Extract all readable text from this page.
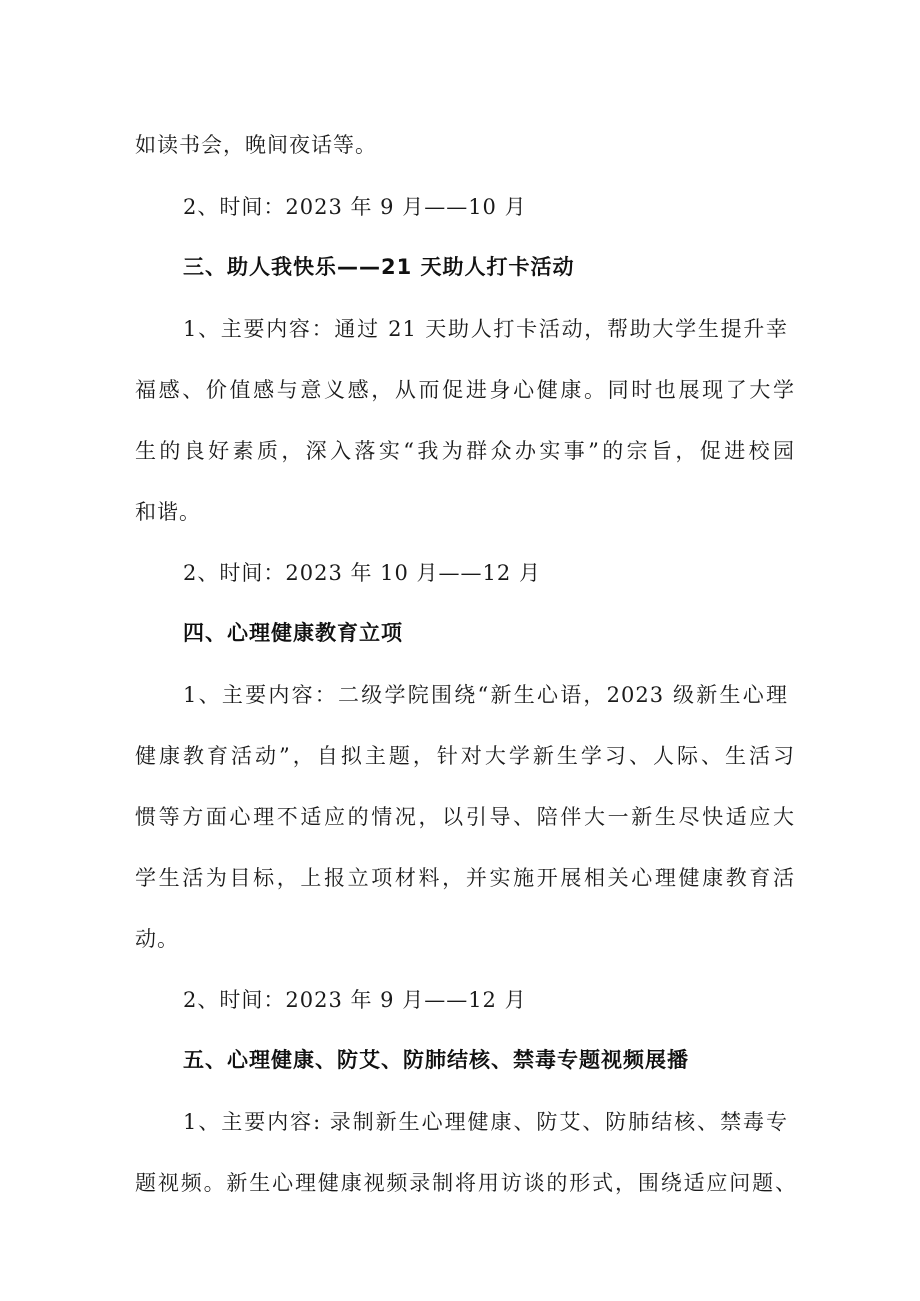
如读书会，晚间夜话等。
2、时间：2023 年 9 月——10 月
三、助人我快乐——21 天助人打卡活动
1、主要内容：通过 21 天助人打卡活动，帮助大学生提升幸
福感、价值感与意义感，从而促进身心健康。同时也展现了大学
生的良好素质，深入落实“我为群众办实事”的宗旨，促进校园
和谐。
2、时间：2023 年 10 月——12 月
四、心理健康教育立项
1、主要内容：二级学院围绕“新生心语，2023 级新生心理
健康教育活动”，自拟主题，针对大学新生学习、人际、生活习
惯等方面心理不适应的情况，以引导、陪伴大一新生尽快适应大
学生活为目标，上报立项材料，并实施开展相关心理健康教育活
动。
2、时间：2023 年 9 月——12 月
五、心理健康、防艾、防肺结核、禁毒专题视频展播
1、主要内容: 录制新生心理健康、防艾、防肺结核、禁毒专
题视频。新生心理健康视频录制将用访谈的形式，围绕适应问题、
